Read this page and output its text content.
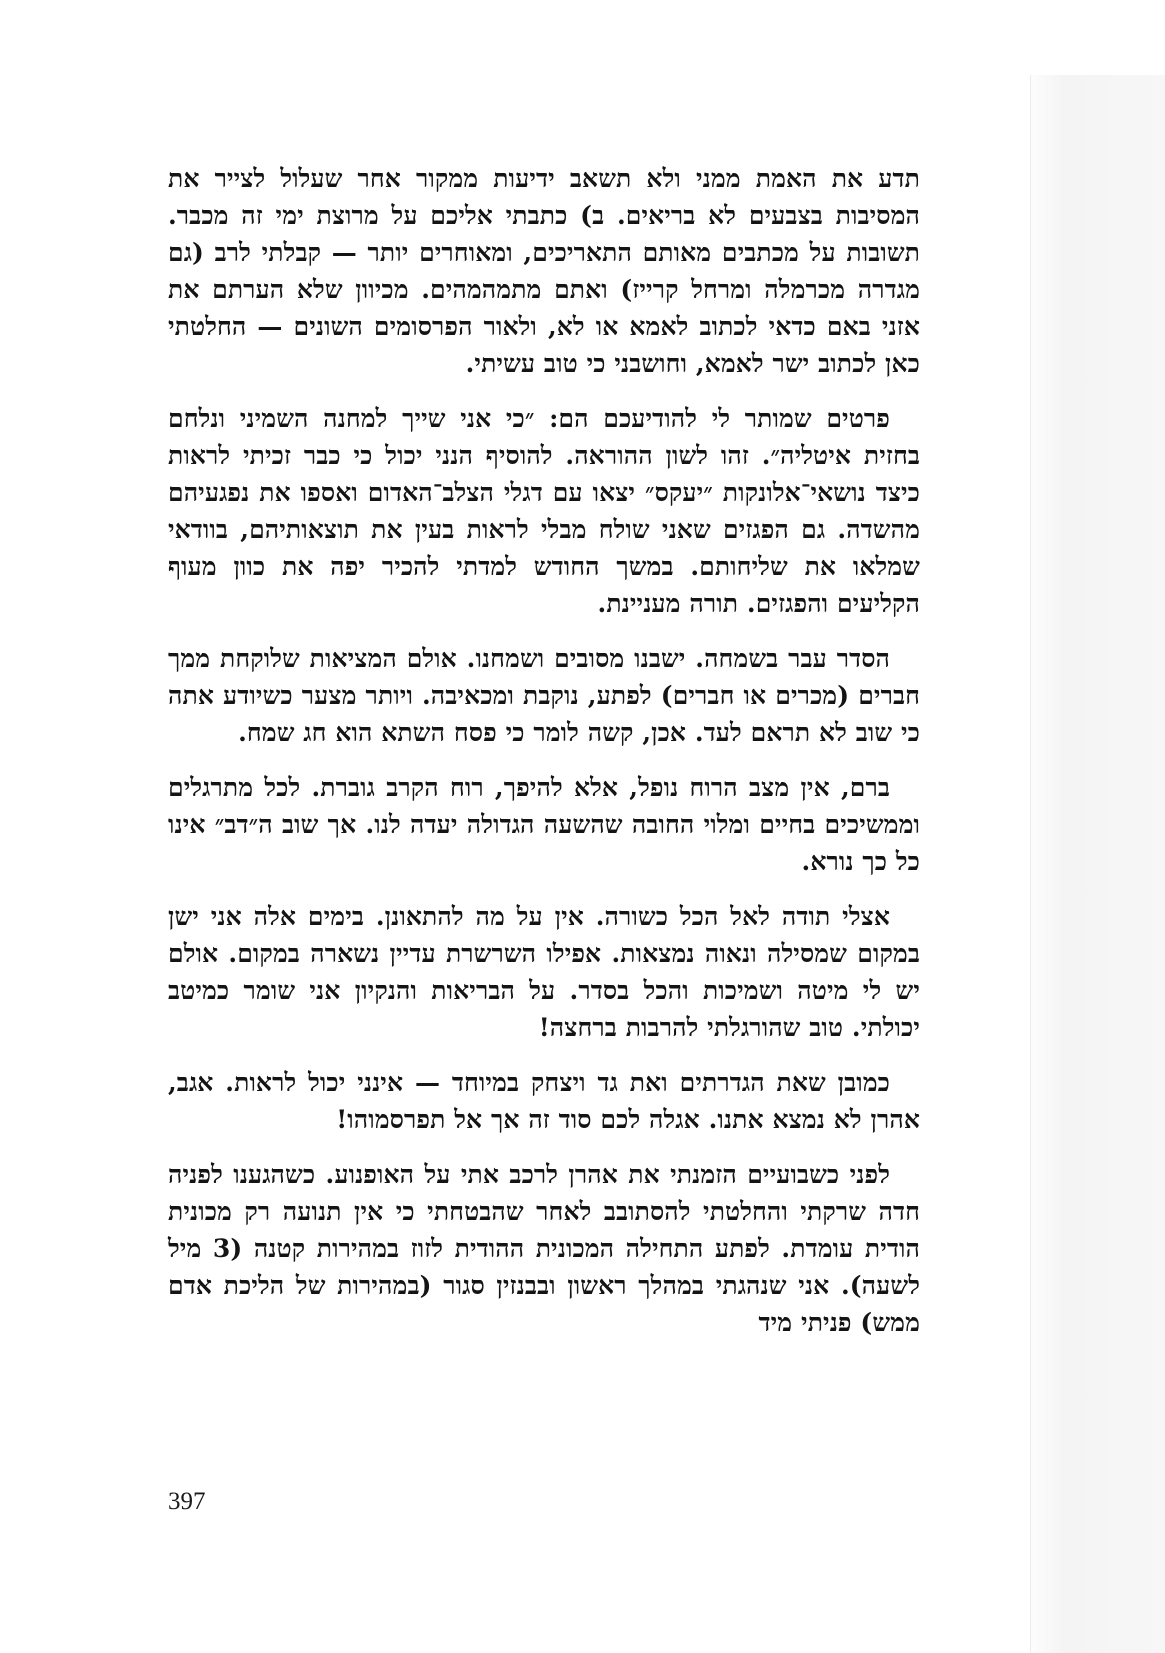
תדע את האמת ממני ולא תשאב ידיעות ממקור אחר שעלול לצייר את המסיבות בצבעים לא בריאים. ב) כתבתי אליכם על מרוצת ימי זה מכבר. תשובות על מכתבים מאותם התאריכים, ומאוחרים יותר — קבלתי לרב (גם מגדרה מכרמלה ומרחל קרייז) ואתם מתמהמהים. מכיוון שלא הערתם את אזני באם כדאי לכתוב לאמא או לא, ולאור הפרסומים השונים — החלטתי כאן לכתוב ישר לאמא, וחושבני כי טוב עשיתי.

פרטים שמותר לי להודיעכם הם: ״כי אני שייך למחנה השמיני ונלחם בחזית איטליה״. זהו לשון ההוראה. להוסיף הנני יכול כי כבר זכיתי לראות כיצד נושאי־אלונקות ״יעקס״ יצאו עם דגלי הצלב־האדום ואספו את נפגעיהם מהשדה. גם הפגזים שאני שולח מבלי לראות בעין את תוצאותיהם, בוודאי שמלאו את שליחותם. במשך החודש למדתי להכיר יפה את כוון מעוף הקליעים והפגזים. תורה מעניינת.

הסדר עבר בשמחה. ישבנו מסובים ושמחנו. אולם המציאות שלוקחת ממך חברים (מכרים או חברים) לפתע, נוקבת ומכאיבה. ויותר מצער כשיודע אתה כי שוב לא תראם לעד. אכן, קשה לומר כי פסח השתא הוא חג שמח.

ברם, אין מצב הרוח נופל, אלא להיפך, רוח הקרב גוברת. לכל מתרגלים וממשיכים בחיים ומלוי החובה שהשעה הגדולה יעדה לנו. אך שוב ה״דב״ אינו כל כך נורא.

אצלי תודה לאל הכל כשורה. אין על מה להתאונן. בימים אלה אני ישן במקום שמסילה ונאוה נמצאות. אפילו השרשרת עדיין נשארה במקום. אולם יש לי מיטה ושמיכות והכל בסדר. על הבריאות והנקיון אני שומר כמיטב יכולתי. טוב שהורגלתי להרבות ברחצה!

כמובן שאת הגדרתים ואת גד ויצחק במיוחד — אינני יכול לראות. אגב, אהרן לא נמצא אתנו. אגלה לכם סוד זה אך אל תפרסמוהו!

לפני כשבועיים הזמנתי את אהרן לרכב אתי על האופנוע. כשהגענו לפניה חדה שרקתי והחלטתי להסתובב לאחר שהבטחתי כי אין תנועה רק מכונית הודית עומדת. לפתע התחילה המכונית ההודית לזוז במהירות קטנה (3 מיל לשעה). אני שנהגתי במהלך ראשון ובבנזין סגור (במהירות של הליכת אדם ממש) פניתי מיד

397
